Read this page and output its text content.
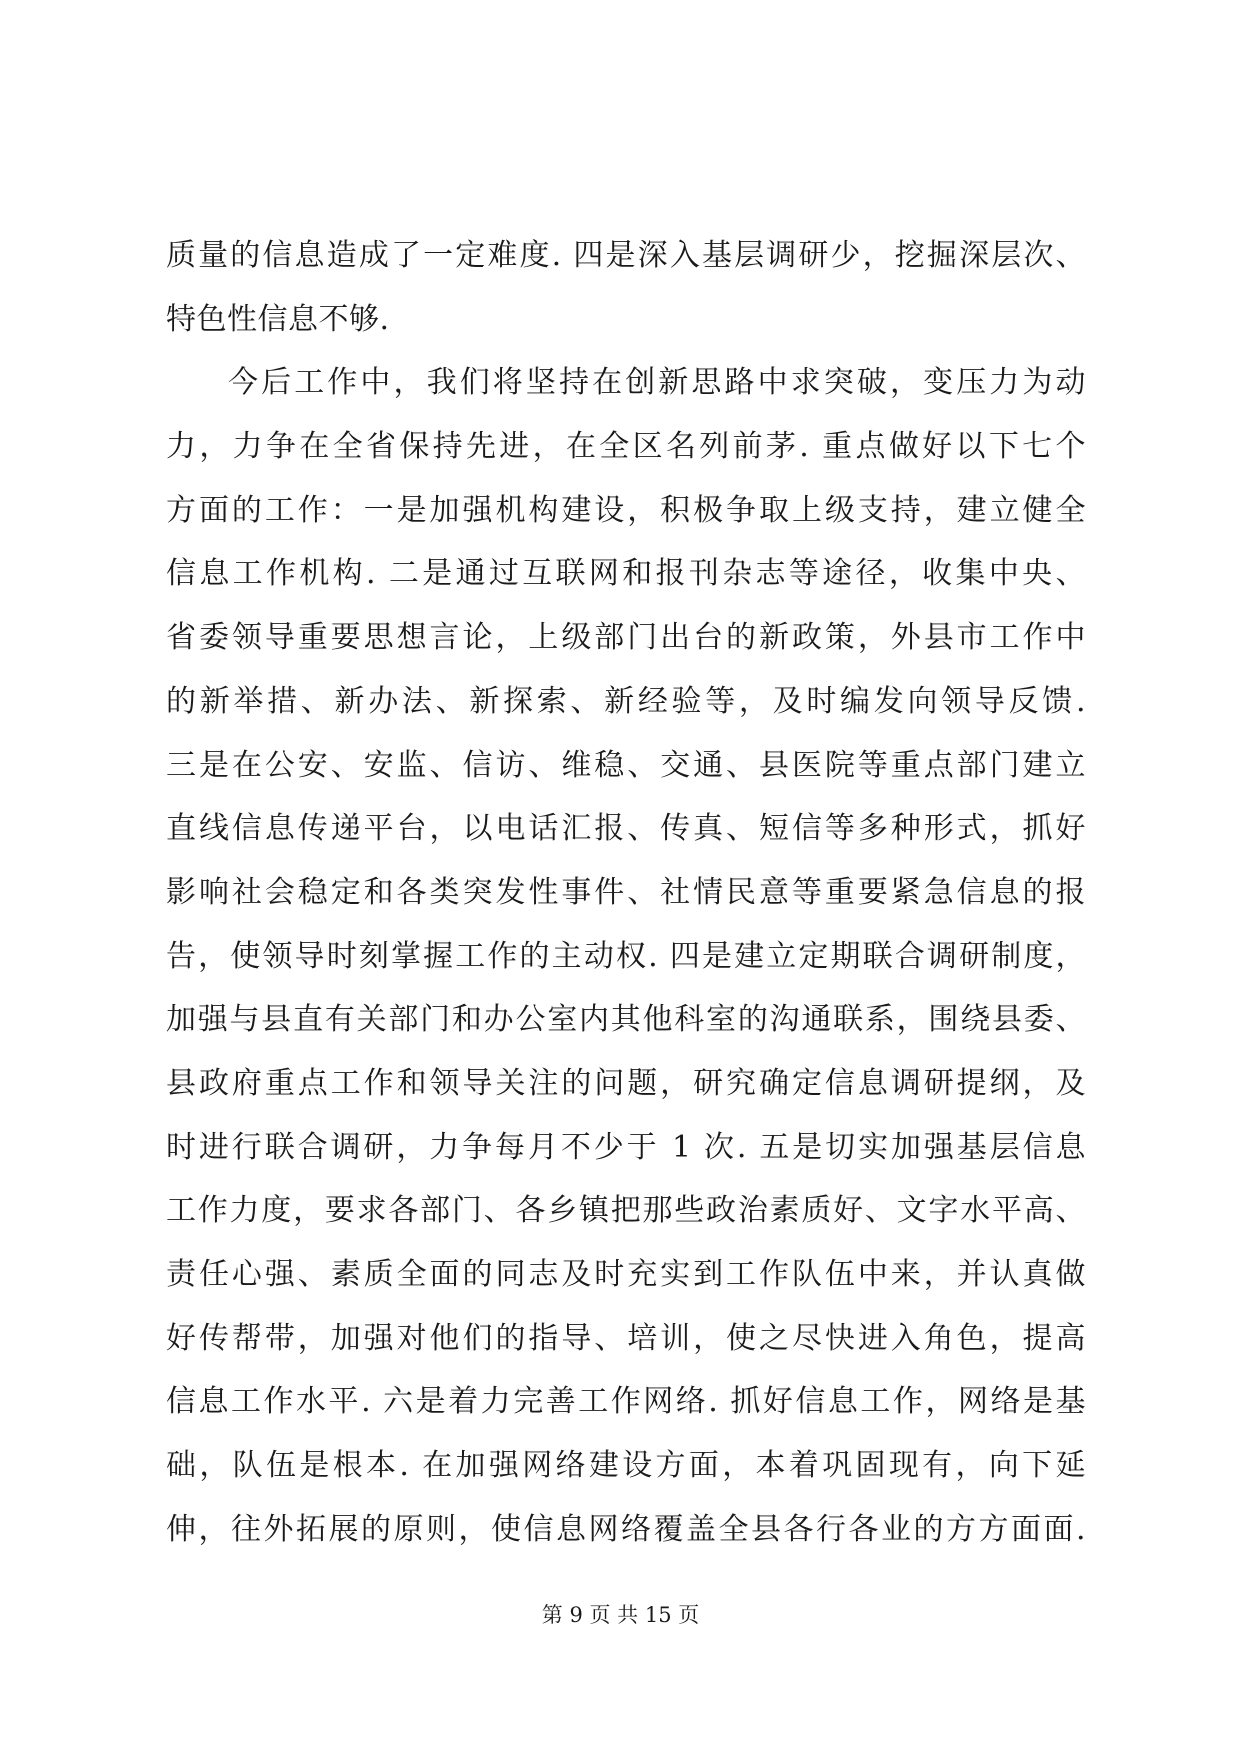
质量的信息造成了一定难度. 四是深入基层调研少，挖掘深层次、
特色性信息不够.
今后工作中，我们将坚持在创新思路中求突破，变压力为动
力，力争在全省保持先进，在全区名列前茅. 重点做好以下七个
方面的工作：一是加强机构建设，积极争取上级支持，建立健全
信息工作机构. 二是通过互联网和报刊杂志等途径，收集中央、
省委领导重要思想言论，上级部门出台的新政策，外县市工作中
的新举措、新办法、新探索、新经验等，及时编发向领导反馈.
三是在公安、安监、信访、维稳、交通、县医院等重点部门建立
直线信息传递平台，以电话汇报、传真、短信等多种形式，抓好
影响社会稳定和各类突发性事件、社情民意等重要紧急信息的报
告，使领导时刻掌握工作的主动权. 四是建立定期联合调研制度，
加强与县直有关部门和办公室内其他科室的沟通联系，围绕县委、
县政府重点工作和领导关注的问题，研究确定信息调研提纲，及
时进行联合调研，力争每月不少于 1 次. 五是切实加强基层信息
工作力度，要求各部门、各乡镇把那些政治素质好、文字水平高、
责任心强、素质全面的同志及时充实到工作队伍中来，并认真做
好传帮带，加强对他们的指导、培训，使之尽快进入角色，提高
信息工作水平. 六是着力完善工作网络. 抓好信息工作，网络是基
础，队伍是根本. 在加强网络建设方面，本着巩固现有，向下延
伸，往外拓展的原则，使信息网络覆盖全县各行各业的方方面面.
第 9 页 共 15 页
